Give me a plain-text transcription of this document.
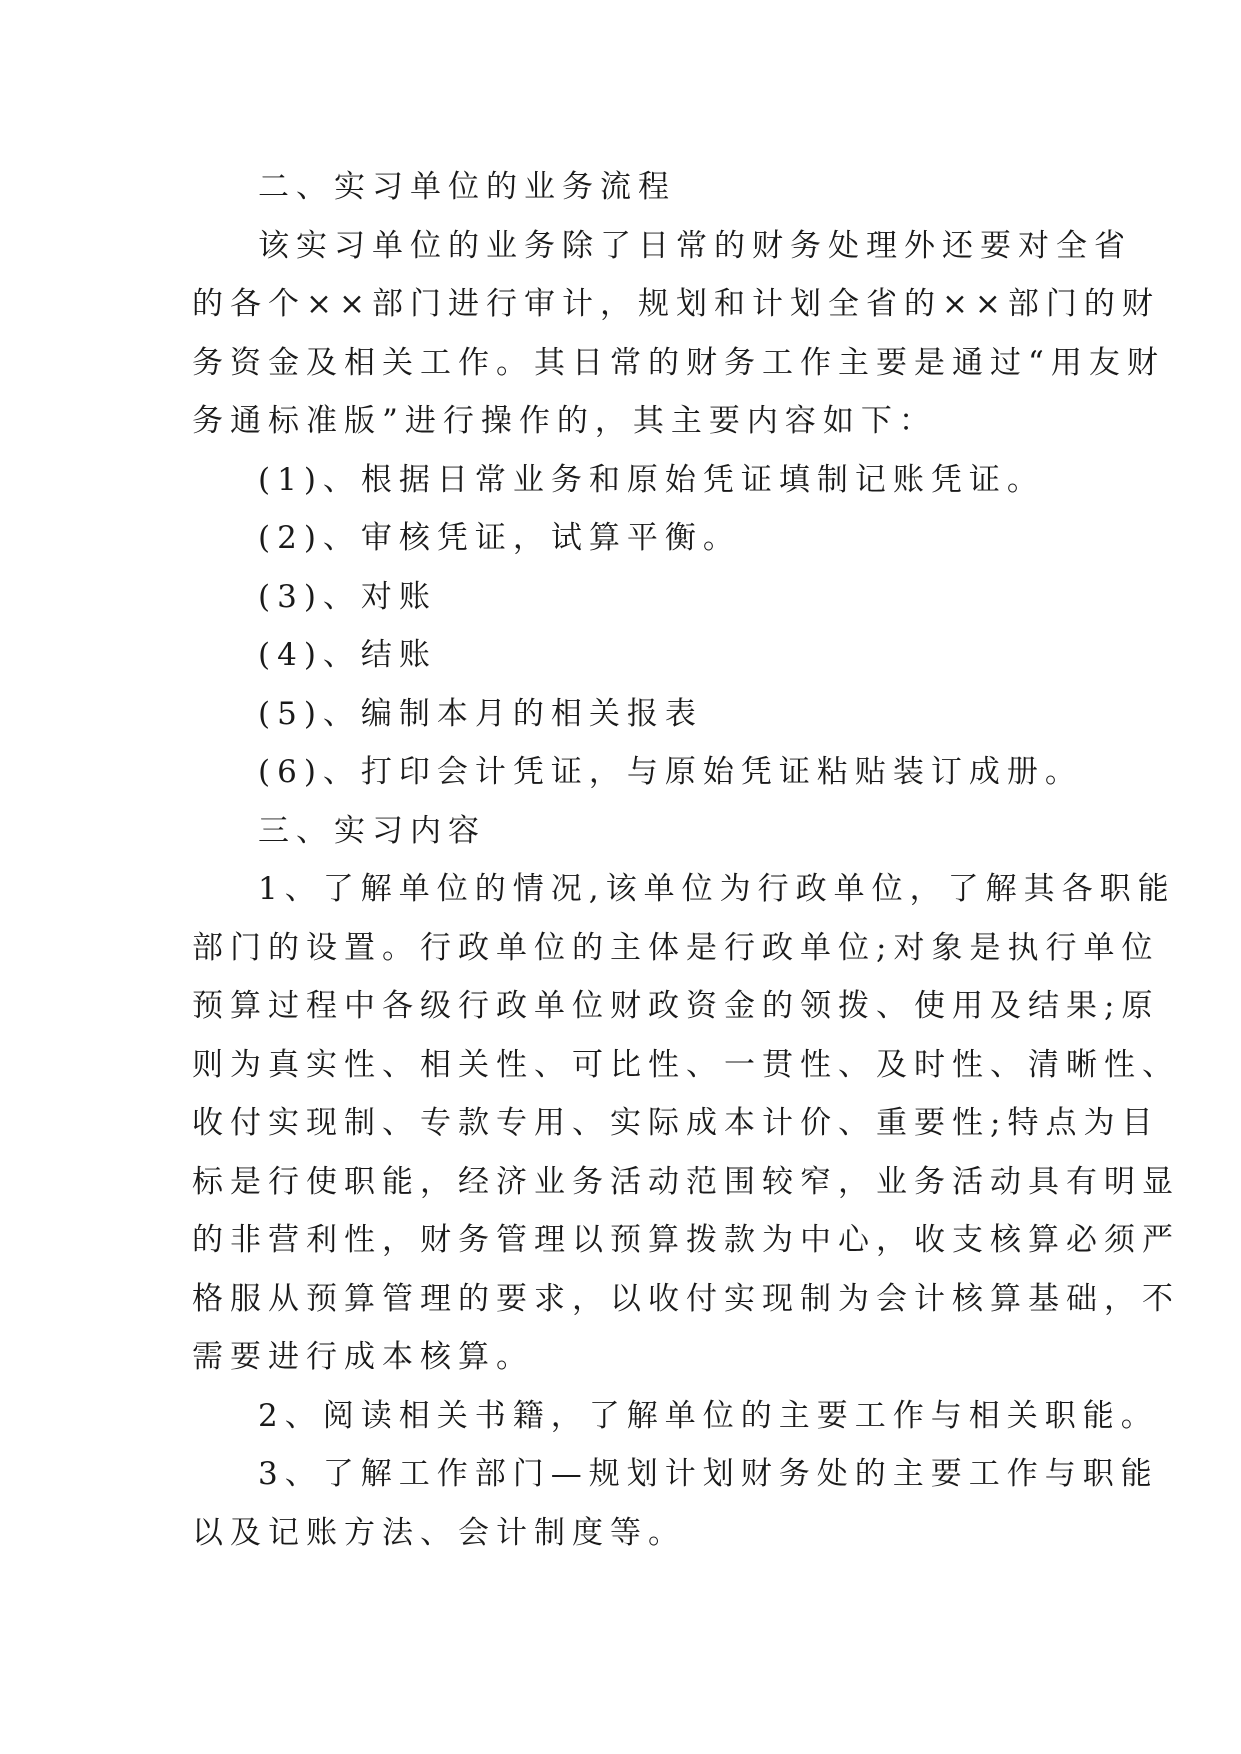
二、实习单位的业务流程

该实习单位的业务除了日常的财务处理外还要对全省

的各个××部门进行审计，规划和计划全省的××部门的财

务资金及相关工作。其日常的财务工作主要是通过“用友财

务通标准版”进行操作的，其主要内容如下：

(1)、根据日常业务和原始凭证填制记账凭证。

(2)、审核凭证，试算平衡。

(3)、对账

(4)、结账

(5)、编制本月的相关报表

(6)、打印会计凭证，与原始凭证粘贴装订成册。

三、实习内容

1、了解单位的情况,该单位为行政单位，了解其各职能

部门的设置。行政单位的主体是行政单位;对象是执行单位

预算过程中各级行政单位财政资金的领拨、使用及结果;原

则为真实性、相关性、可比性、一贯性、及时性、清晰性、

收付实现制、专款专用、实际成本计价、重要性;特点为目

标是行使职能，经济业务活动范围较窄，业务活动具有明显

的非营利性，财务管理以预算拨款为中心，收支核算必须严

格服从预算管理的要求，以收付实现制为会计核算基础，不

需要进行成本核算。

2、阅读相关书籍，了解单位的主要工作与相关职能。

3、了解工作部门—规划计划财务处的主要工作与职能

以及记账方法、会计制度等。
